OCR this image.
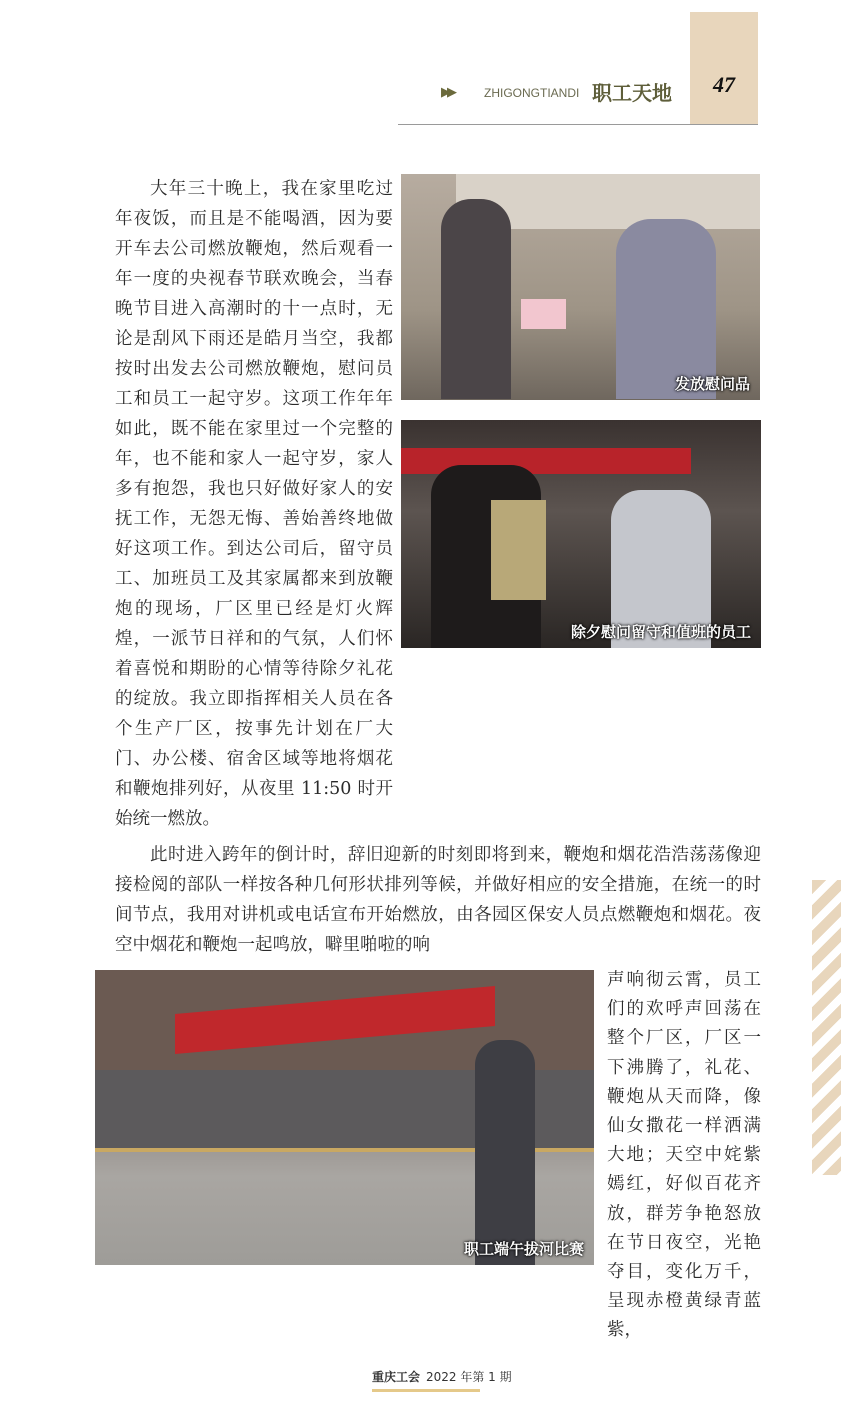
47
▶▶	ZHIGONGTIANDI 职工天地

大年三十晚上，我在家里吃过年夜饭，而且是不能喝酒，因为要开车去公司燃放鞭炮，然后观看一年一度的央视春节联欢晚会，当春晚节目进入高潮时的十一点时，无论是刮风下雨还是皓月当空，我都按时出发去公司燃放鞭炮，慰问员工和员工一起守岁。这项工作年年如此，既不能在家里过一个完整的年，也不能和家人一起守岁，家人多有抱怨，我也只好做好家人的安抚工作，无怨无悔、善始善终地做好这项工作。到达公司后，留守员工、加班员工及其家属都来到放鞭炮的现场，厂区里已经是灯火辉煌，一派节日祥和的气氛，人们怀着喜悦和期盼的心情等待除夕礼花的绽放。我立即指挥相关人员在各个生产厂区，按事先计划在厂大门、办公楼、宿舍区域等地将烟花和鞭炮排列好，从夜里 11:50 时开始统一燃放。

发放慰问品
除夕慰问留守和值班的员工

此时进入跨年的倒计时，辞旧迎新的时刻即将到来，鞭炮和烟花浩浩荡荡像迎接检阅的部队一样按各种几何形状排列等候，并做好相应的安全措施，在统一的时间节点，我用对讲机或电话宣布开始燃放，由各园区保安人员点燃鞭炮和烟花。夜空中烟花和鞭炮一起鸣放，噼里啪啦的响

职工端午拔河比赛

声响彻云霄，员工们的欢呼声回荡在整个厂区，厂区一下沸腾了，礼花、鞭炮从天而降，像仙女撒花一样洒满大地；天空中姹紫嫣红，好似百花齐放，群芳争艳怒放在节日夜空，光艳夺目，变化万千，呈现赤橙黄绿青蓝紫，

重庆工会 2022 年第 1 期
